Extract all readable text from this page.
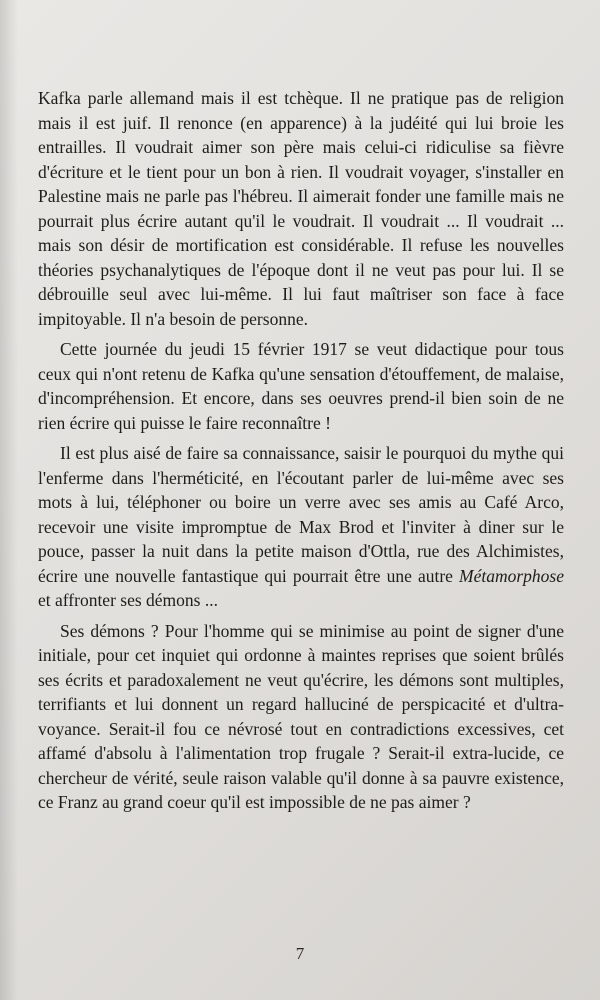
Kafka parle allemand mais il est tchèque. Il ne pratique pas de religion mais il est juif. Il renonce (en apparence) à la judéité qui lui broie les entrailles. Il voudrait aimer son père mais celui-ci ridiculise sa fièvre d'écriture et le tient pour un bon à rien. Il voudrait voyager, s'installer en Palestine mais ne parle pas l'hébreu. Il aimerait fonder une famille mais ne pourrait plus écrire autant qu'il le voudrait. Il voudrait ... Il voudrait ... mais son désir de mortification est considérable. Il refuse les nouvelles théories psychanalytiques de l'époque dont il ne veut pas pour lui. Il se débrouille seul avec lui-même. Il lui faut maîtriser son face à face impitoyable. Il n'a besoin de personne.

Cette journée du jeudi 15 février 1917 se veut didactique pour tous ceux qui n'ont retenu de Kafka qu'une sensation d'étouffement, de malaise, d'incompréhension. Et encore, dans ses oeuvres prend-il bien soin de ne rien écrire qui puisse le faire reconnaître !

Il est plus aisé de faire sa connaissance, saisir le pourquoi du mythe qui l'enferme dans l'herméticité, en l'écoutant parler de lui-même avec ses mots à lui, téléphoner ou boire un verre avec ses amis au Café Arco, recevoir une visite impromptue de Max Brod et l'inviter à diner sur le pouce, passer la nuit dans la petite maison d'Ottla, rue des Alchimistes, écrire une nouvelle fantastique qui pourrait être une autre Métamorphose et affronter ses démons ...

Ses démons ? Pour l'homme qui se minimise au point de signer d'une initiale, pour cet inquiet qui ordonne à maintes reprises que soient brûlés ses écrits et paradoxalement ne veut qu'écrire, les démons sont multiples, terrifiants et lui donnent un regard halluciné de perspicacité et d'ultra-voyance. Serait-il fou ce névrosé tout en contradictions excessives, cet affamé d'absolu à l'alimentation trop frugale ? Serait-il extra-lucide, ce chercheur de vérité, seule raison valable qu'il donne à sa pauvre existence, ce Franz au grand coeur qu'il est impossible de ne pas aimer ?

7
